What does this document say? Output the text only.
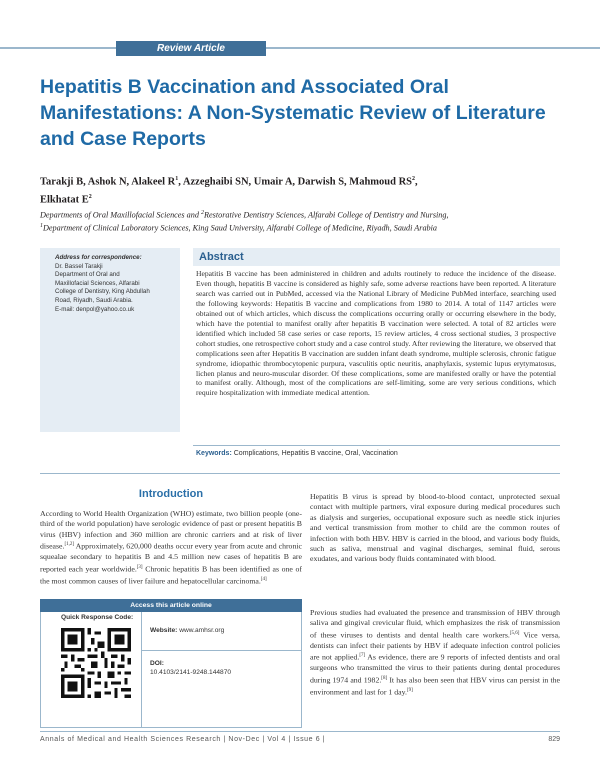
Review Article
Hepatitis B Vaccination and Associated Oral Manifestations: A Non-Systematic Review of Literature and Case Reports
Tarakji B, Ashok N, Alakeel $R^1$, Azzeghaibi SN, Umair A, Darwish S, Mahmoud $RS^2$,
Elkhatat $E^2$
Departments of Oral Maxillofacial Sciences and $^2$Restorative Dentistry Sciences, Alfarabi College of Dentistry and Nursing,
$^1$Department of Clinical Laboratory Sciences, King Saud University, Alfarabi College of Medicine, Riyadh, Saudi Arabia
Address for correspondence:
Dr. Bassel Tarakji
Department of Oral and
Maxillofacial Sciences, Alfarabi
College of Dentistry, King Abdullah
Road, Riyadh, Saudi Arabia.
E-mail: denpol@yahoo.co.uk
Abstract
Hepatitis B vaccine has been administered in children and adults routinely to reduce the incidence of the disease. Even though, hepatitis B vaccine is considered as highly safe, some adverse reactions have been reported. A literature search was carried out in PubMed, accessed via the National Library of Medicine PubMed interface, searching used the following keywords: Hepatitis B vaccine and complications from 1980 to 2014. A total of 1147 articles were obtained out of which articles, which discuss the complications occurring orally or occurring elsewhere in the body, which have the potential to manifest orally after hepatitis B vaccination were selected. A total of 82 articles were identified which included 58 case series or case reports, 15 review articles, 4 cross sectional studies, 3 prospective cohort studies, one retrospective cohort study and a case control study. After reviewing the literature, we observed that complications seen after Hepatitis B vaccination are sudden infant death syndrome, multiple sclerosis, chronic fatigue syndrome, idiopathic thrombocytopenic purpura, vasculitis optic neuritis, anaphylaxis, systemic lupus erytymatosus, lichen planus and neuro-muscular disorder. Of these complications, some are manifested orally or have the potential to manifest orally. Although, most of the complications are self-limiting, some are very serious conditions, which require hospitalization with immediate medical attention.
Keywords: Complications, Hepatitis B vaccine, Oral, Vaccination
Introduction
According to World Health Organization (WHO) estimate, two billion people (one-third of the world population) have serologic evidence of past or present hepatitis B virus (HBV) infection and 360 million are chronic carriers and at risk of liver disease.[1,2] Approximately, 620,000 deaths occur every year from acute and chronic squealae secondary to hepatitis B and 4.5 million new cases of hepatitis B are reported each year worldwide.[3] Chronic hepatitis B has been identified as one of the most common causes of liver failure and hepatocellular carcinoma.[4]
Hepatitis B virus is spread by blood-to-blood contact, unprotected sexual contact with multiple partners, viral exposure during medical procedures such as dialysis and surgeries, occupational exposure such as needle stick injuries and vertical transmission from mother to child are the common routes of infection with both HBV. HBV is carried in the blood, and various body fluids, such as saliva, menstrual and vaginal discharges, seminal fluid, serous exudates, and various body fluids contaminated with blood.
Previous studies had evaluated the presence and transmission of HBV through saliva and gingival crevicular fluid, which emphasizes the risk of transmission of these viruses to dentists and dental health care workers.[5,6] Vice versa, dentists can infect their patients by HBV if adequate infection control policies are not applied.[7] As evidence, there are 9 reports of infected dentists and oral surgeons who transmitted the virus to their patients during dental procedures during 1974 and 1982.[8] It has also been seen that HBV virus can persist in the environment and last for 1 day.[9]
Access this article online
Quick Response Code:
Website: www.amhsr.org
DOI:
10.4103/2141-9248.144870
Annals of Medical and Health Sciences Research | Nov-Dec | Vol 4 | Issue 6 |	829
